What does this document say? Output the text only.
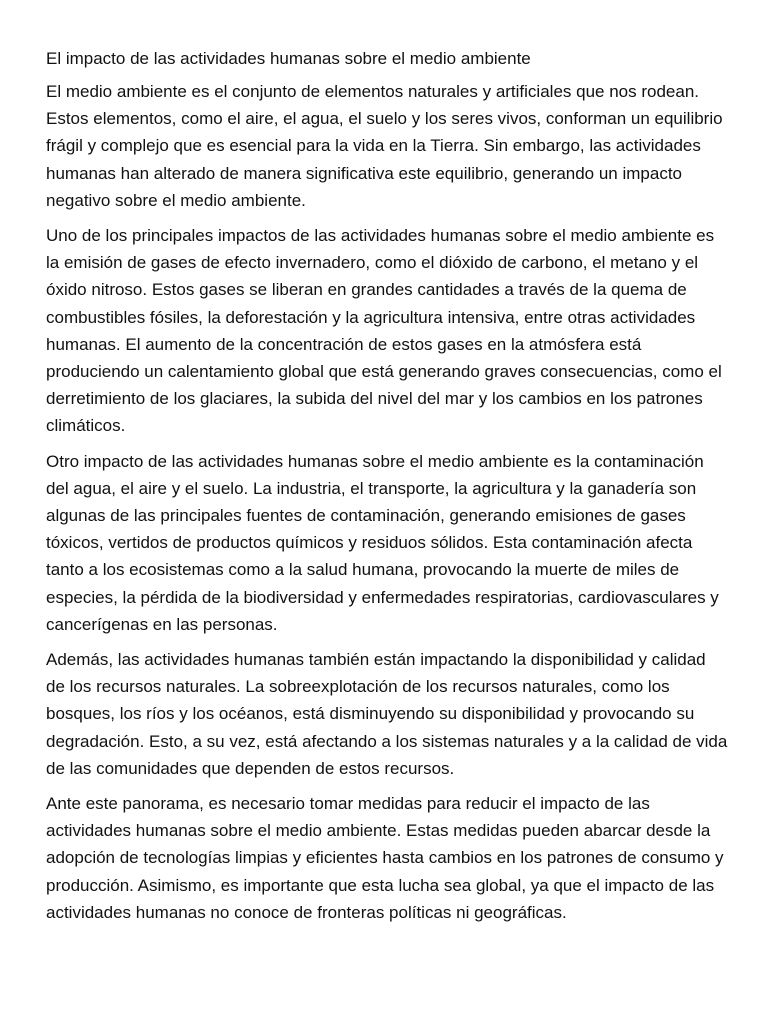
El impacto de las actividades humanas sobre el medio ambiente

El medio ambiente es el conjunto de elementos naturales y artificiales que nos rodean. Estos elementos, como el aire, el agua, el suelo y los seres vivos, conforman un equilibrio frágil y complejo que es esencial para la vida en la Tierra. Sin embargo, las actividades humanas han alterado de manera significativa este equilibrio, generando un impacto negativo sobre el medio ambiente.

Uno de los principales impactos de las actividades humanas sobre el medio ambiente es la emisión de gases de efecto invernadero, como el dióxido de carbono, el metano y el óxido nitroso. Estos gases se liberan en grandes cantidades a través de la quema de combustibles fósiles, la deforestación y la agricultura intensiva, entre otras actividades humanas. El aumento de la concentración de estos gases en la atmósfera está produciendo un calentamiento global que está generando graves consecuencias, como el derretimiento de los glaciares, la subida del nivel del mar y los cambios en los patrones climáticos.

Otro impacto de las actividades humanas sobre el medio ambiente es la contaminación del agua, el aire y el suelo. La industria, el transporte, la agricultura y la ganadería son algunas de las principales fuentes de contaminación, generando emisiones de gases tóxicos, vertidos de productos químicos y residuos sólidos. Esta contaminación afecta tanto a los ecosistemas como a la salud humana, provocando la muerte de miles de especies, la pérdida de la biodiversidad y enfermedades respiratorias, cardiovasculares y cancerígenas en las personas.

Además, las actividades humanas también están impactando la disponibilidad y calidad de los recursos naturales. La sobreexplotación de los recursos naturales, como los bosques, los ríos y los océanos, está disminuyendo su disponibilidad y provocando su degradación. Esto, a su vez, está afectando a los sistemas naturales y a la calidad de vida de las comunidades que dependen de estos recursos.

Ante este panorama, es necesario tomar medidas para reducir el impacto de las actividades humanas sobre el medio ambiente. Estas medidas pueden abarcar desde la adopción de tecnologías limpias y eficientes hasta cambios en los patrones de consumo y producción. Asimismo, es importante que esta lucha sea global, ya que el impacto de las actividades humanas no conoce de fronteras políticas ni geográficas.
